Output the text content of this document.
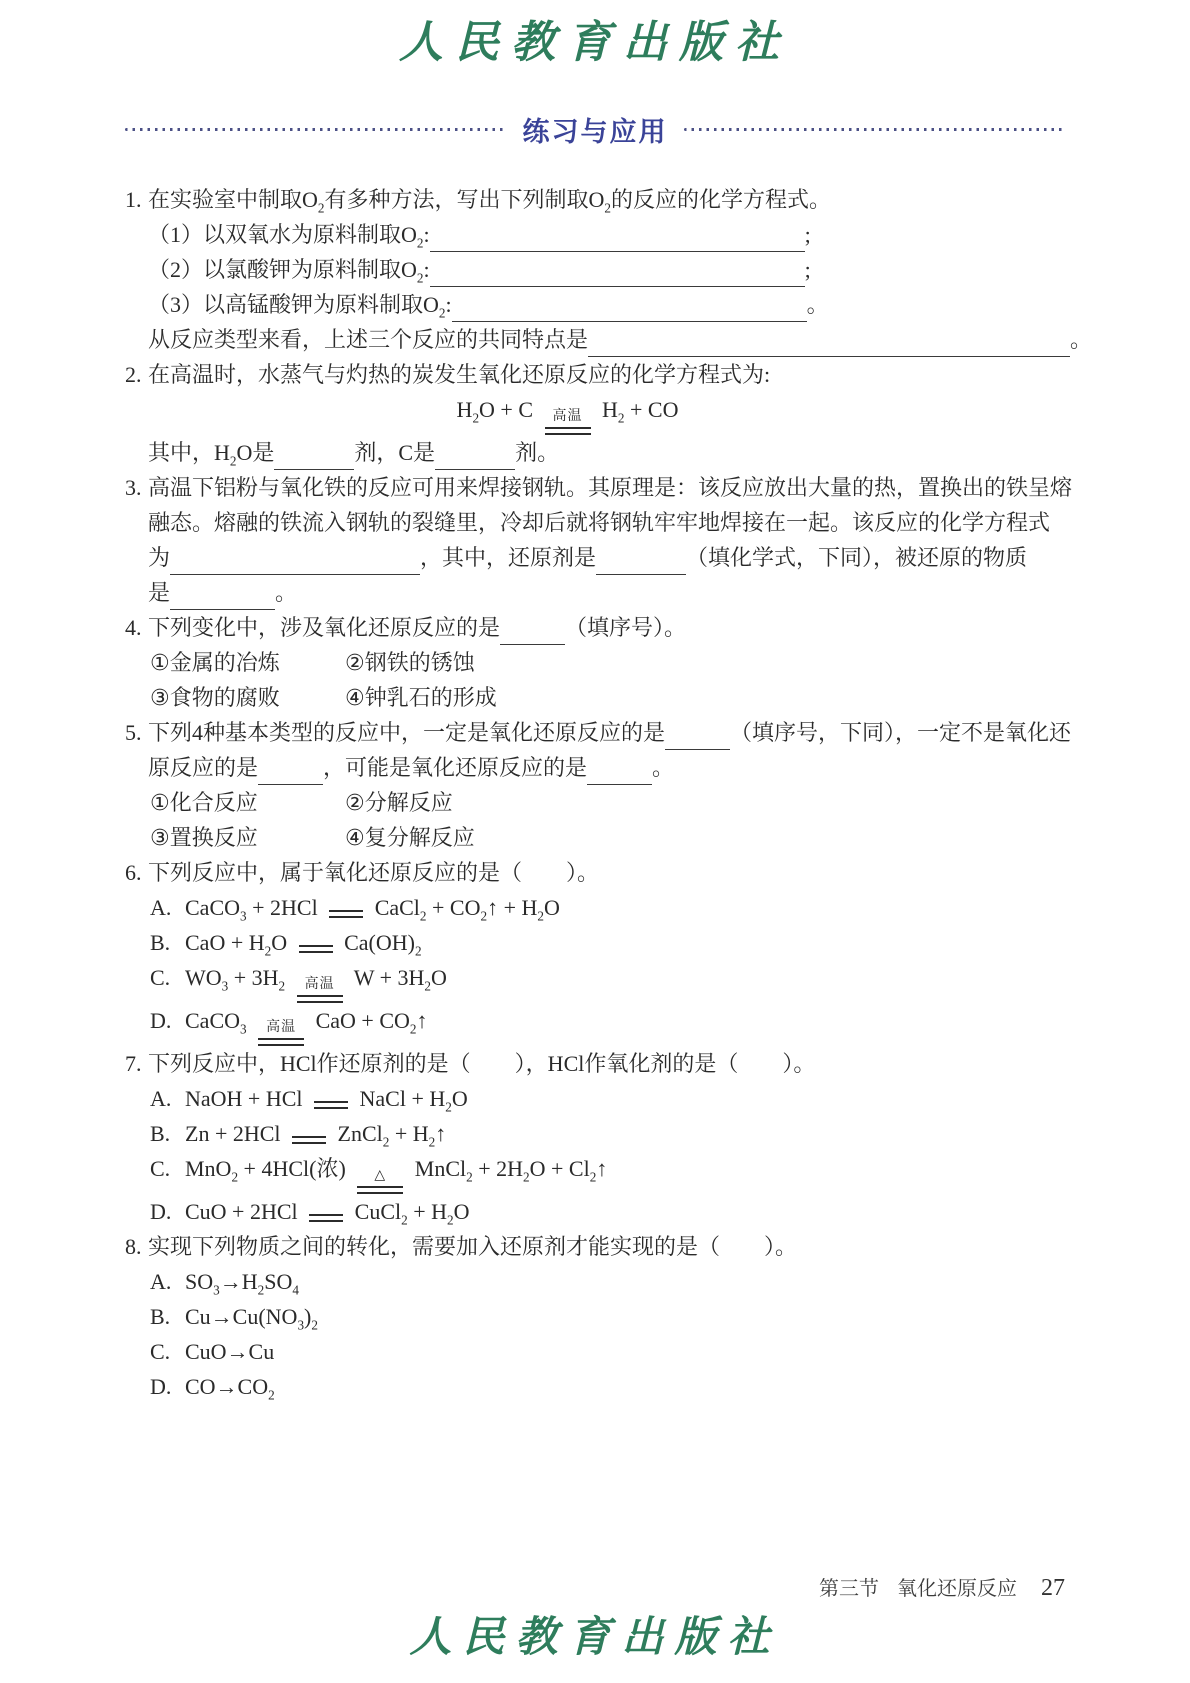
人民教育出版社
练习与应用
1. 在实验室中制取$O_2$有多种方法，写出下列制取$O_2$的反应的化学方程式。
（1）以双氧水为原料制取$O_2$:	;
（2）以氯酸钾为原料制取$O_2$:	;
（3）以高锰酸钾为原料制取$O_2$:	。
从反应类型来看，上述三个反应的共同特点是	。
2. 在高温时，水蒸气与灼热的炭发生氧化还原反应的化学方程式为:
$H_2O + C$ 高温 $H_2$ + CO
其中，$H_2O$是	剂，C是	剂。
3. 高温下铝粉与氧化铁的反应可用来焊接钢轨。其原理是：该反应放出大量的热，置换出的铁呈熔
融态。熔融的铁流入钢轨的裂缝里，冷却后就将钢轨牢牢地焊接在一起。该反应的化学方程式
为	，其中，还原剂是	（填化学式，下同），被还原的物质
是	。
4. 下列变化中，涉及氧化还原反应的是	（填序号）。
①金属的冶炼	②钢铁的锈蚀
③食物的腐败	④钟乳石的形成
5. 下列4种基本类型的反应中，一定是氧化还原反应的是	（填序号，下同），一定不是氧化还
原反应的是	，可能是氧化还原反应的是	。
①化合反应	②分解反应
③置换反应	④复分解反应
6. 下列反应中，属于氧化还原反应的是（　　）。
A. CaCO$_3$ + 2HCl
CaCl$_2$ + $CO_2↑ + H_2O$
B. CaO + $H_2O$
$Ca(OH)_2$
C. $WO_3 + 3H_2$ 高温 $W + 3H_2O$
D. CaCO$_3$ 高温 CaO + $CO_2↑$
7. 下列反应中，HCl作还原剂的是（　　），HCl作氧化剂的是（　　）。
A. NaOH + HCl
NaCl + $H_2O$
B. Zn + 2HCl
ZnCl$_2$ + $H_2↑$
C. MnO$_2$ + 4HCl(浓) △ MnCl$_2$ + $2H_2O$ + $Cl_2↑$
D. CuO + 2HCl
CuCl$_2$ + $H_2O$
8. 实现下列物质之间的转化，需要加入还原剂才能实现的是（　　）。
A. $SO_3\to H_2SO_4$
B. $Cu\to Cu(NO_3)_2$
C. CuO→Cu
D. $CO\to CO_2$
第三节 氧化还原反应 27
人民教育出版社
